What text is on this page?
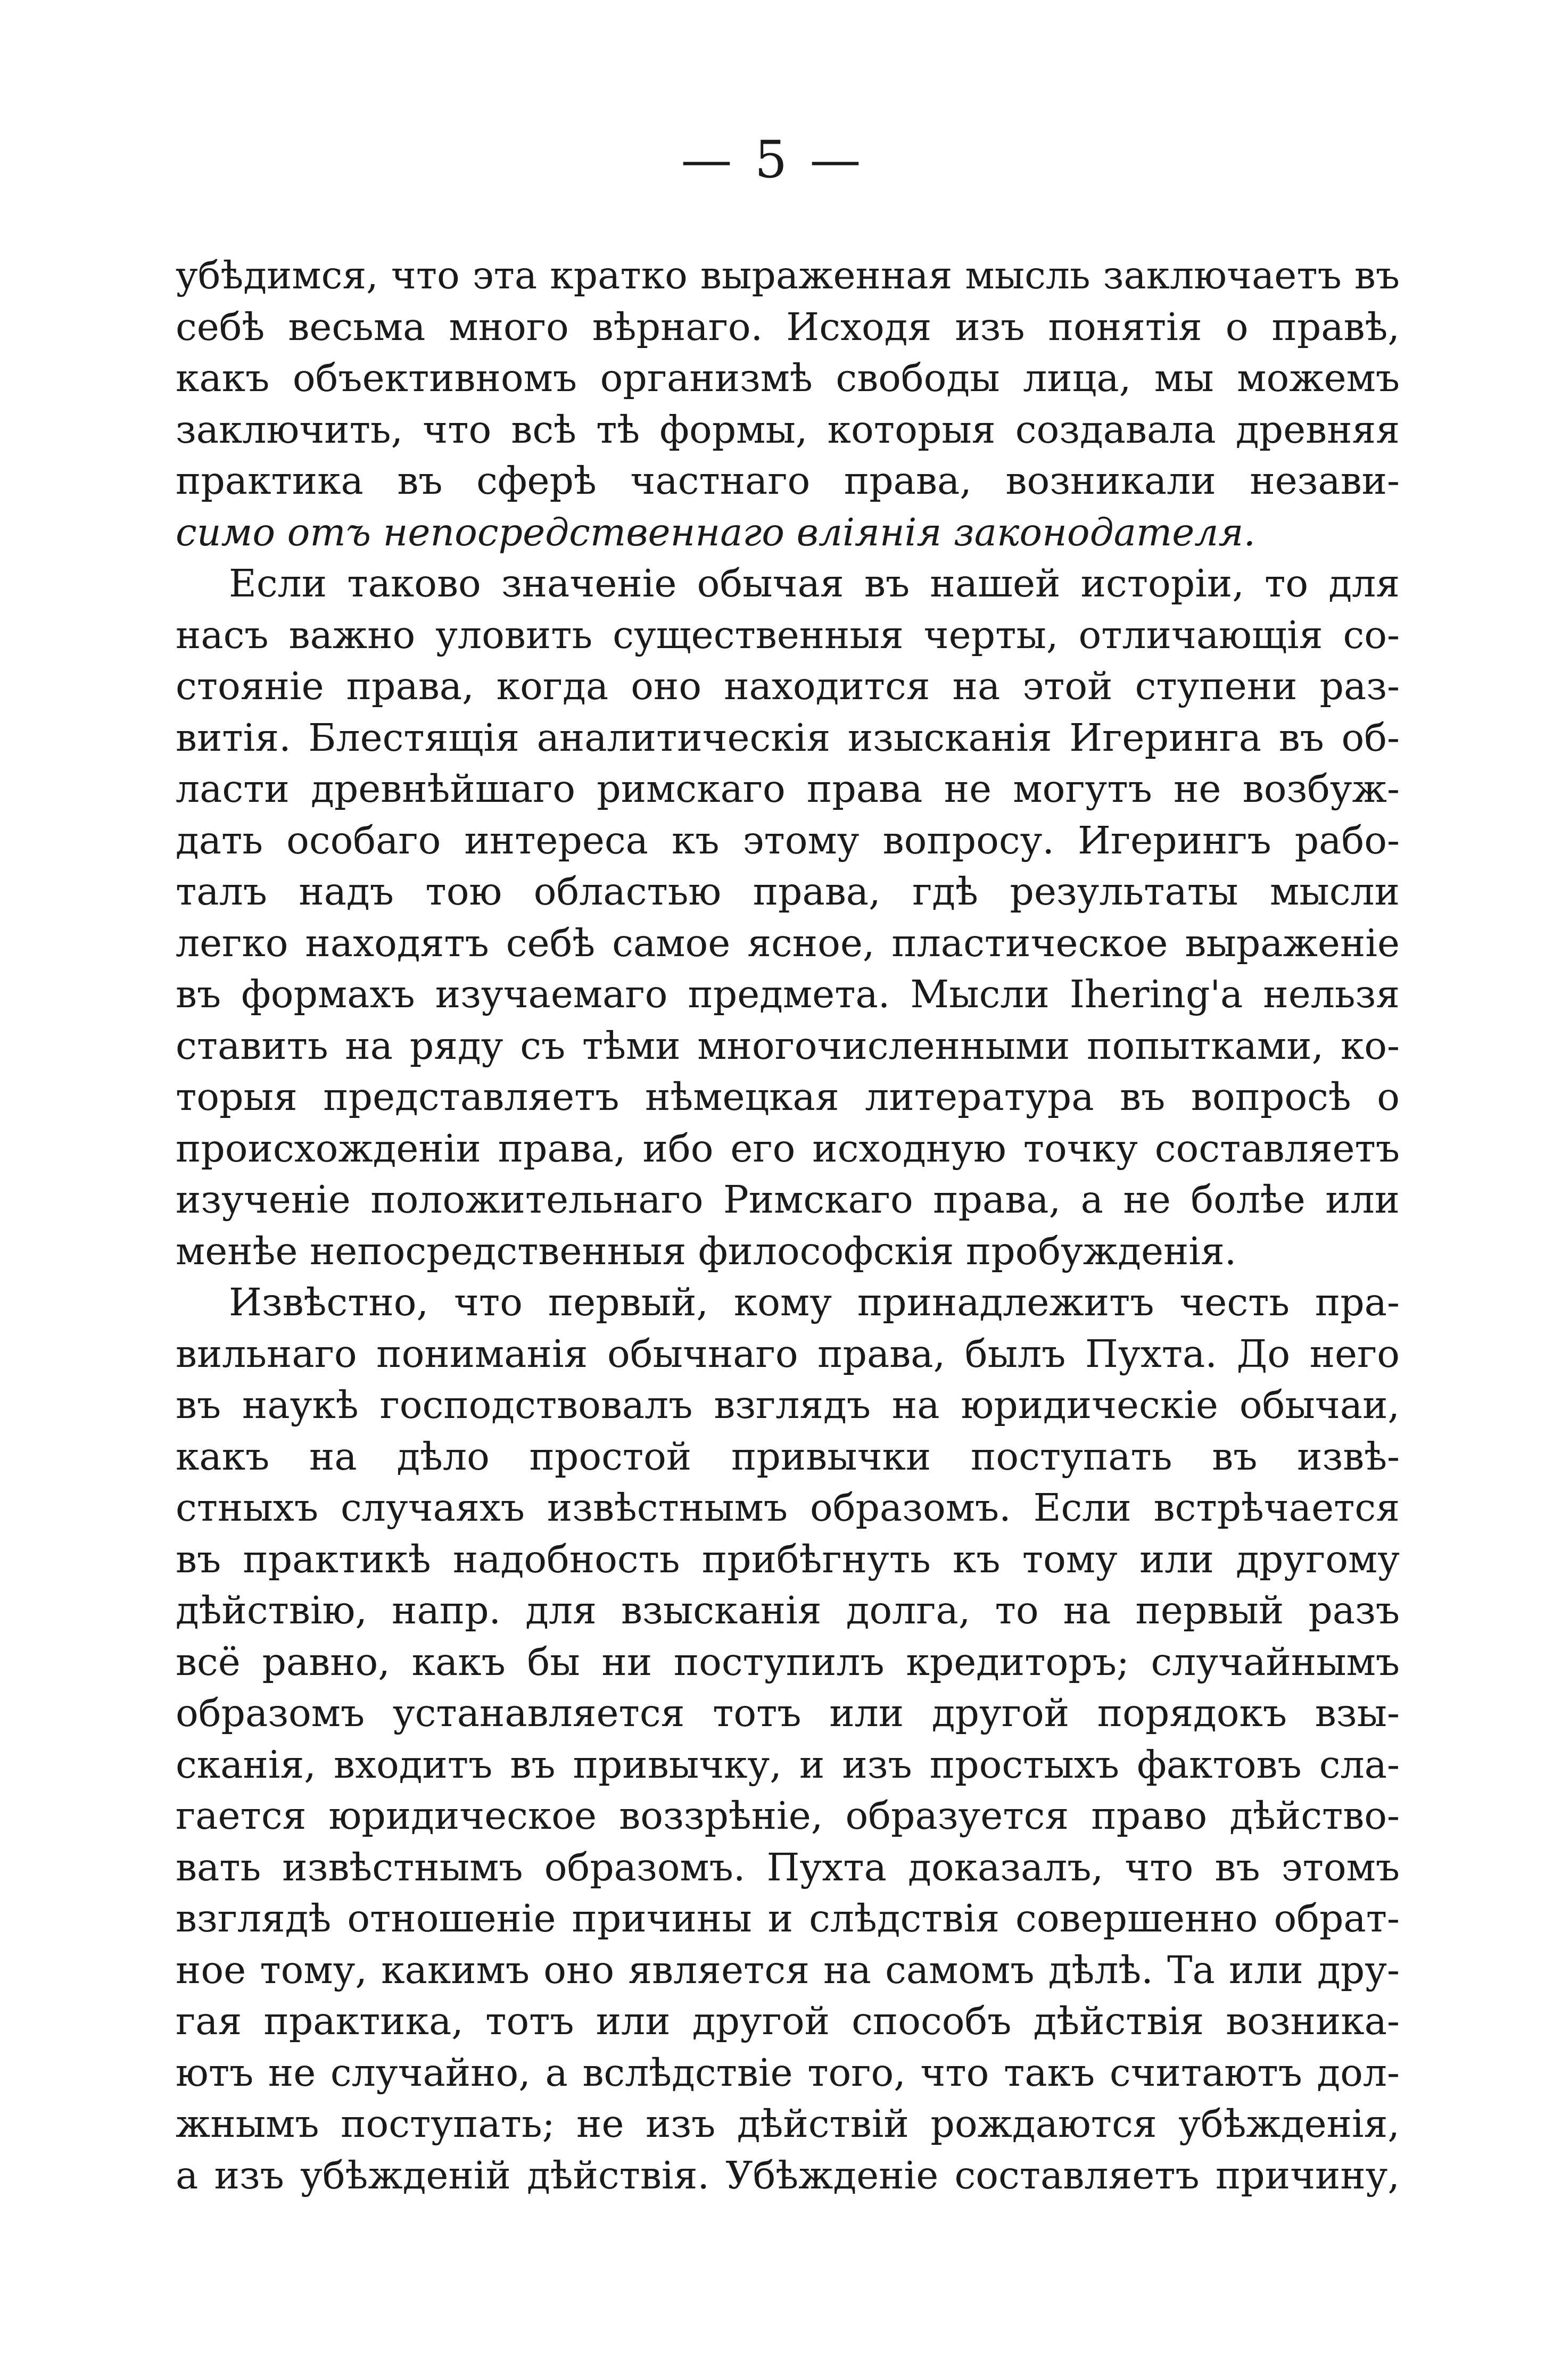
— 5 —
убѣдимся, что эта кратко выраженная мысль заключаетъ въ
себѣ весьма много вѣрнаго. Исходя изъ понятія о правѣ,
какъ объективномъ организмѣ свободы лица, мы можемъ
заключить, что всѣ тѣ формы, которыя создавала древняя
практика въ сферѣ частнаго права, возникали незави-
симо отъ непосредственнаго вліянія законодателя.
Если таково значеніе обычая въ нашей исторіи, то для
насъ важно уловить существенныя черты, отличающія со-
стояніе права, когда оно находится на этой ступени раз-
витія. Блестящія аналитическія изысканія Игеринга въ об-
ласти древнѣйшаго римскаго права не могутъ не возбуж-
дать особаго интереса къ этому вопросу. Игерингъ рабо-
талъ надъ тою областью права, гдѣ результаты мысли
легко находятъ себѣ самое ясное, пластическое выраженіе
въ формахъ изучаемаго предмета. Мысли Ihering'а нельзя
ставить на ряду съ тѣми многочисленными попытками, ко-
торыя представляетъ нѣмецкая литература въ вопросѣ о
происхожденіи права, ибо его исходную точку составляетъ
изученіе положительнаго Римскаго права, а не болѣе или
менѣе непосредственныя философскія пробужденія.
Извѣстно, что первый, кому принадлежитъ честь пра-
вильнаго пониманія обычнаго права, былъ Пухта. До него
въ наукѣ господствовалъ взглядъ на юридическіе обычаи,
какъ на дѣло простой привычки поступать въ извѣ-
стныхъ случаяхъ извѣстнымъ образомъ. Если встрѣчается
въ практикѣ надобность прибѣгнуть къ тому или другому
дѣйствію, напр. для взысканія долга, то на первый разъ
всё равно, какъ бы ни поступилъ кредиторъ; случайнымъ
образомъ устанавляется тотъ или другой порядокъ взы-
сканія, входитъ въ привычку, и изъ простыхъ фактовъ сла-
гается юридическое воззрѣніе, образуется право дѣйство-
вать извѣстнымъ образомъ. Пухта доказалъ, что въ этомъ
взглядѣ отношеніе причины и слѣдствія совершенно обрат-
ное тому, какимъ оно является на самомъ дѣлѣ. Та или дру-
гая практика, тотъ или другой способъ дѣйствія возника-
ютъ не случайно, а вслѣдствіе того, что такъ считаютъ дол-
жнымъ поступать; не изъ дѣйствій рождаются убѣжденія,
а изъ убѣжденій дѣйствія. Убѣжденіе составляетъ причину,
